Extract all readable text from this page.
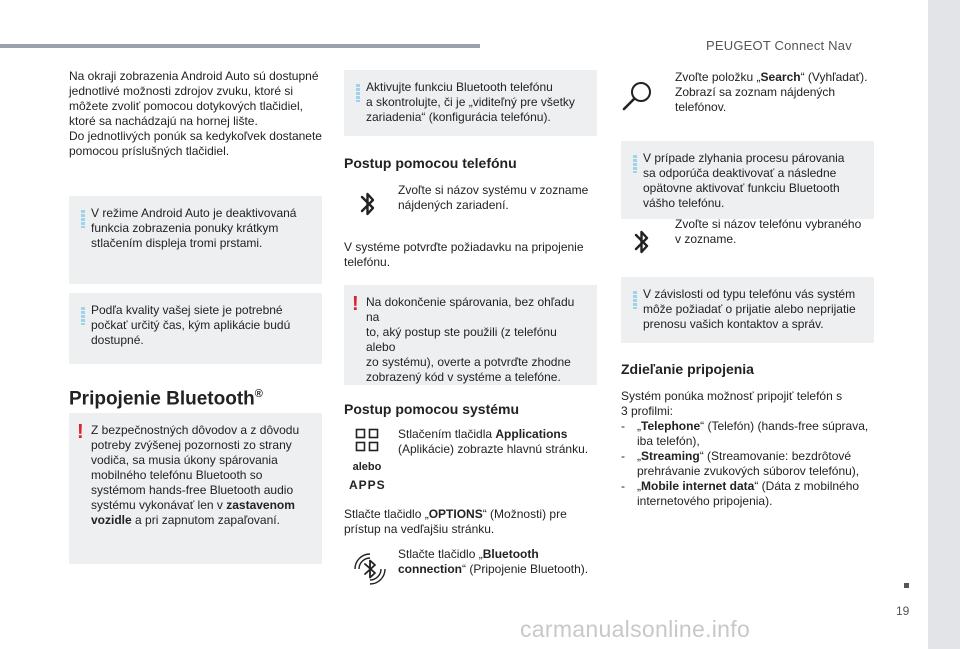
PEUGEOT Connect Nav
Na okraji zobrazenia Android Auto sú dostupné
jednotlivé možnosti zdrojov zvuku, ktoré si
môžete zvoliť pomocou dotykových tlačidiel,
ktoré sa nachádzajú na hornej lište.
Do jednotlivých ponúk sa kedykoľvek dostanete
pomocou príslušných tlačidiel.
V režime Android Auto je deaktivovaná
funkcia zobrazenia ponuky krátkym
stlačením displeja tromi prstami.
Podľa kvality vašej siete je potrebné
počkať určitý čas, kým aplikácie budú
dostupné.
Pripojenie Bluetooth®
!
Z bezpečnostných dôvodov a z dôvodu
potreby zvýšenej pozornosti zo strany
vodiča, sa musia úkony spárovania
mobilného telefónu Bluetooth so
systémom hands-free Bluetooth audio
systému vykonávať len v zastavenom
vozidle a pri zapnutom zapaľovaní.
Aktivujte funkciu Bluetooth telefónu
a skontrolujte, či je „viditeľný pre všetky
zariadenia“ (konfigurácia telefónu).
Postup pomocou telefónu
Zvoľte si názov systému v zozname
nájdených zariadení.
V systéme potvrďte požiadavku na pripojenie
telefónu.
!
Na dokončenie spárovania, bez ohľadu na
to, aký postup ste použili (z telefónu alebo
zo systému), overte a potvrďte zhodne
zobrazený kód v systéme a telefóne.
Postup pomocou systému
alebo
APPS
Stlačením tlačidla Applications
(Aplikácie) zobrazte hlavnú stránku.
Stlačte tlačidlo „OPTIONS“ (Možnosti) pre
prístup na vedľajšiu stránku.
Stlačte tlačidlo „Bluetooth
connection“ (Pripojenie Bluetooth).
Zvoľte položku „Search“ (Vyhľadať).
Zobrazí sa zoznam nájdených
telefónov.
V prípade zlyhania procesu párovania
sa odporúča deaktivovať a následne
opätovne aktivovať funkciu Bluetooth
vášho telefónu.
Zvoľte si názov telefónu vybraného
v zozname.
V závislosti od typu telefónu vás systém
môže požiadať o prijatie alebo neprijatie
prenosu vašich kontaktov a správ.
Zdieľanie pripojenia
Systém ponúka možnosť pripojiť telefón s
3 profilmi:
- „Telephone“ (Telefón) (hands-free súprava,
iba telefón),
- „Streaming“ (Streamovanie: bezdrôtové
prehrávanie zvukových súborov telefónu),
- „Mobile internet data“ (Dáta z mobilného
internetového pripojenia).
19
carmanualsonline.info
